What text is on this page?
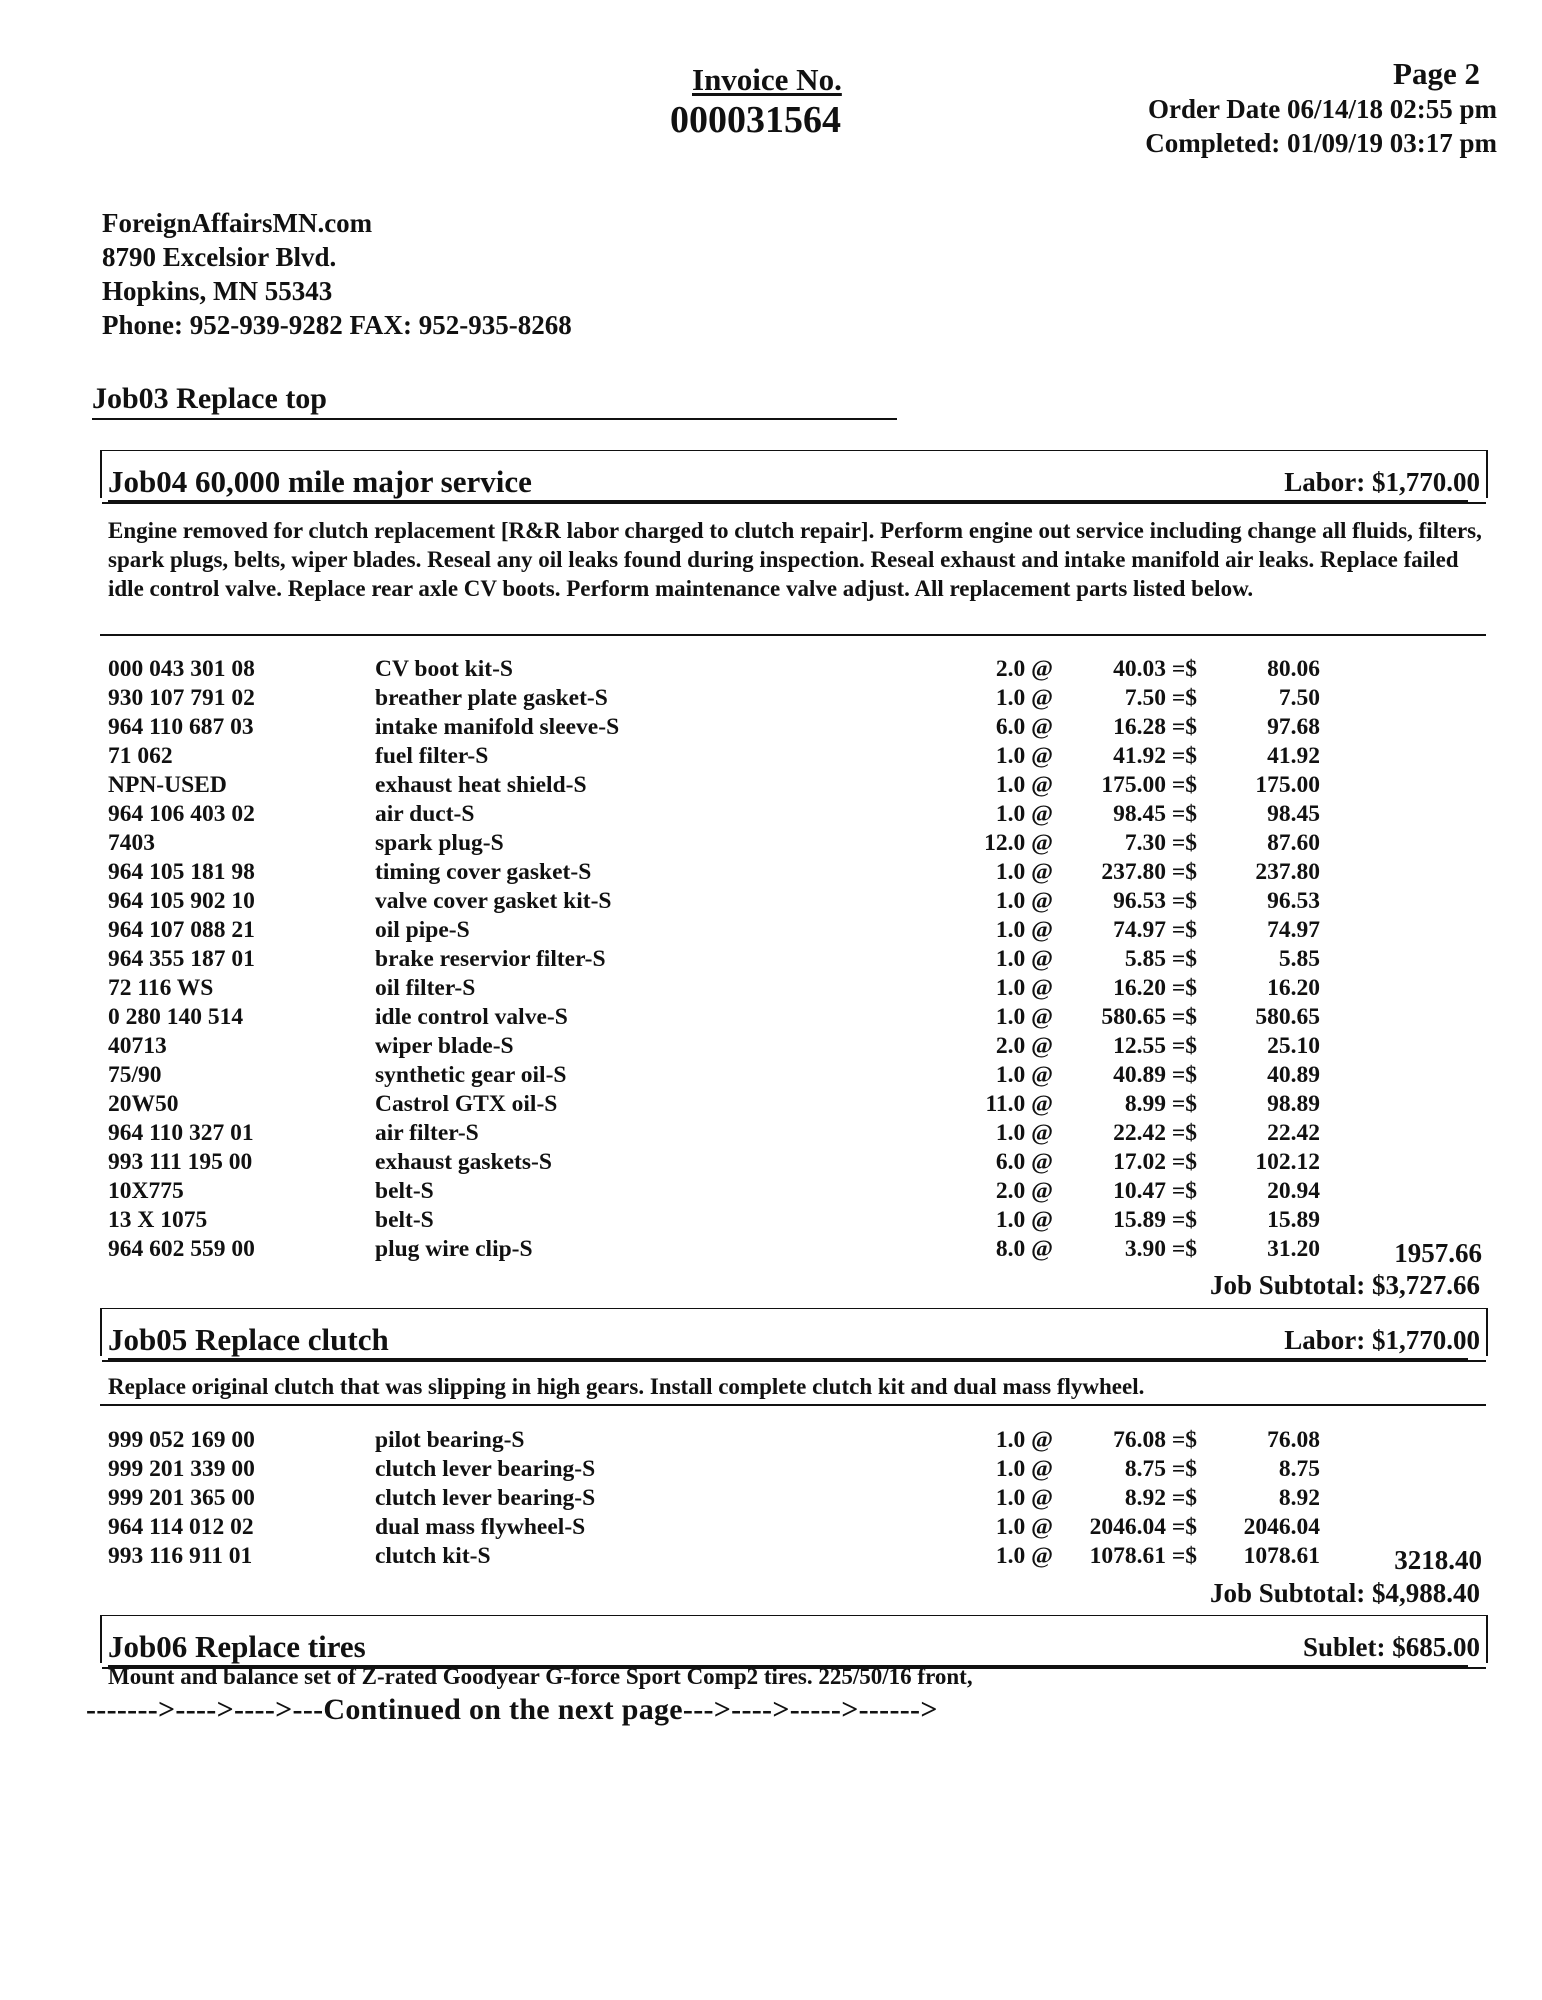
Invoice No.
000031564
Page 2
Order Date 06/14/18 02:55 pm
Completed: 01/09/19 03:17 pm
ForeignAffairsMN.com
8790 Excelsior Blvd.
Hopkins, MN 55343
Phone: 952-939-9282 FAX: 952-935-8268
Job03 Replace top
Job04 60,000 mile major service	Labor: $1,770.00
Engine removed for clutch replacement [R&R labor charged to clutch repair]. Perform engine out service including change all fluids, filters, spark plugs, belts, wiper blades. Reseal any oil leaks found during inspection. Reseal exhaust and intake manifold air leaks. Replace failed idle control valve. Replace rear axle CV boots. Perform maintenance valve adjust. All replacement parts listed below.
000 043 301 08	CV boot kit-S	2.0 @	40.03 =$	80.06
930 107 791 02	breather plate gasket-S	1.0 @	7.50 =$	7.50
964 110 687 03	intake manifold sleeve-S	6.0 @	16.28 =$	97.68
71 062	fuel filter-S	1.0 @	41.92 =$	41.92
NPN-USED	exhaust heat shield-S	1.0 @ 175.00 =$ 175.00
964 106 403 02	air duct-S	1.0 @	98.45 =$	98.45
7403	spark plug-S	12.0 @	7.30 =$	87.60
964 105 181 98	timing cover gasket-S	1.0 @ 237.80 =$ 237.80
964 105 902 10	valve cover gasket kit-S	1.0 @	96.53 =$	96.53
964 107 088 21	oil pipe-S	1.0 @	74.97 =$	74.97
964 355 187 01	brake reservior filter-S	1.0 @	5.85 =$	5.85
72 116 WS	oil filter-S	1.0 @	16.20 =$	16.20
0 280 140 514	idle control valve-S	1.0 @ 580.65 =$ 580.65
40713	wiper blade-S	2.0 @	12.55 =$	25.10
75/90	synthetic gear oil-S	1.0 @	40.89 =$	40.89
20W50	Castrol GTX oil-S	11.0 @	8.99 =$	98.89
964 110 327 01	air filter-S	1.0 @	22.42 =$	22.42
993 111 195 00	exhaust gaskets-S	6.0 @	17.02 =$ 102.12
10X775	belt-S	2.0 @	10.47 =$	20.94
13 X 1075	belt-S	1.0 @	15.89 =$	15.89
964 602 559 00	plug wire clip-S	8.0 @	3.90 =$	31.20	1957.66
Job Subtotal: $3,727.66
Job05 Replace clutch	Labor: $1,770.00
Replace original clutch that was slipping in high gears. Install complete clutch kit and dual mass flywheel.
999 052 169 00	pilot bearing-S	1.0 @	76.08 =$	76.08
999 201 339 00	clutch lever bearing-S	1.0 @	8.75 =$	8.75
999 201 365 00	clutch lever bearing-S	1.0 @	8.92 =$	8.92
964 114 012 02	dual mass flywheel-S	1.0 @ 2046.04 =$ 2046.04
993 116 911 01	clutch kit-S	1.0 @ 1078.61 =$ 1078.61	3218.40
Job Subtotal: $4,988.40
Job06 Replace tires	Sublet: $685.00
Mount and balance set of Z-rated Goodyear G-force Sport Comp2 tires. 225/50/16 front,
------->---->---->---Continued on the next page--->---->----->------>
